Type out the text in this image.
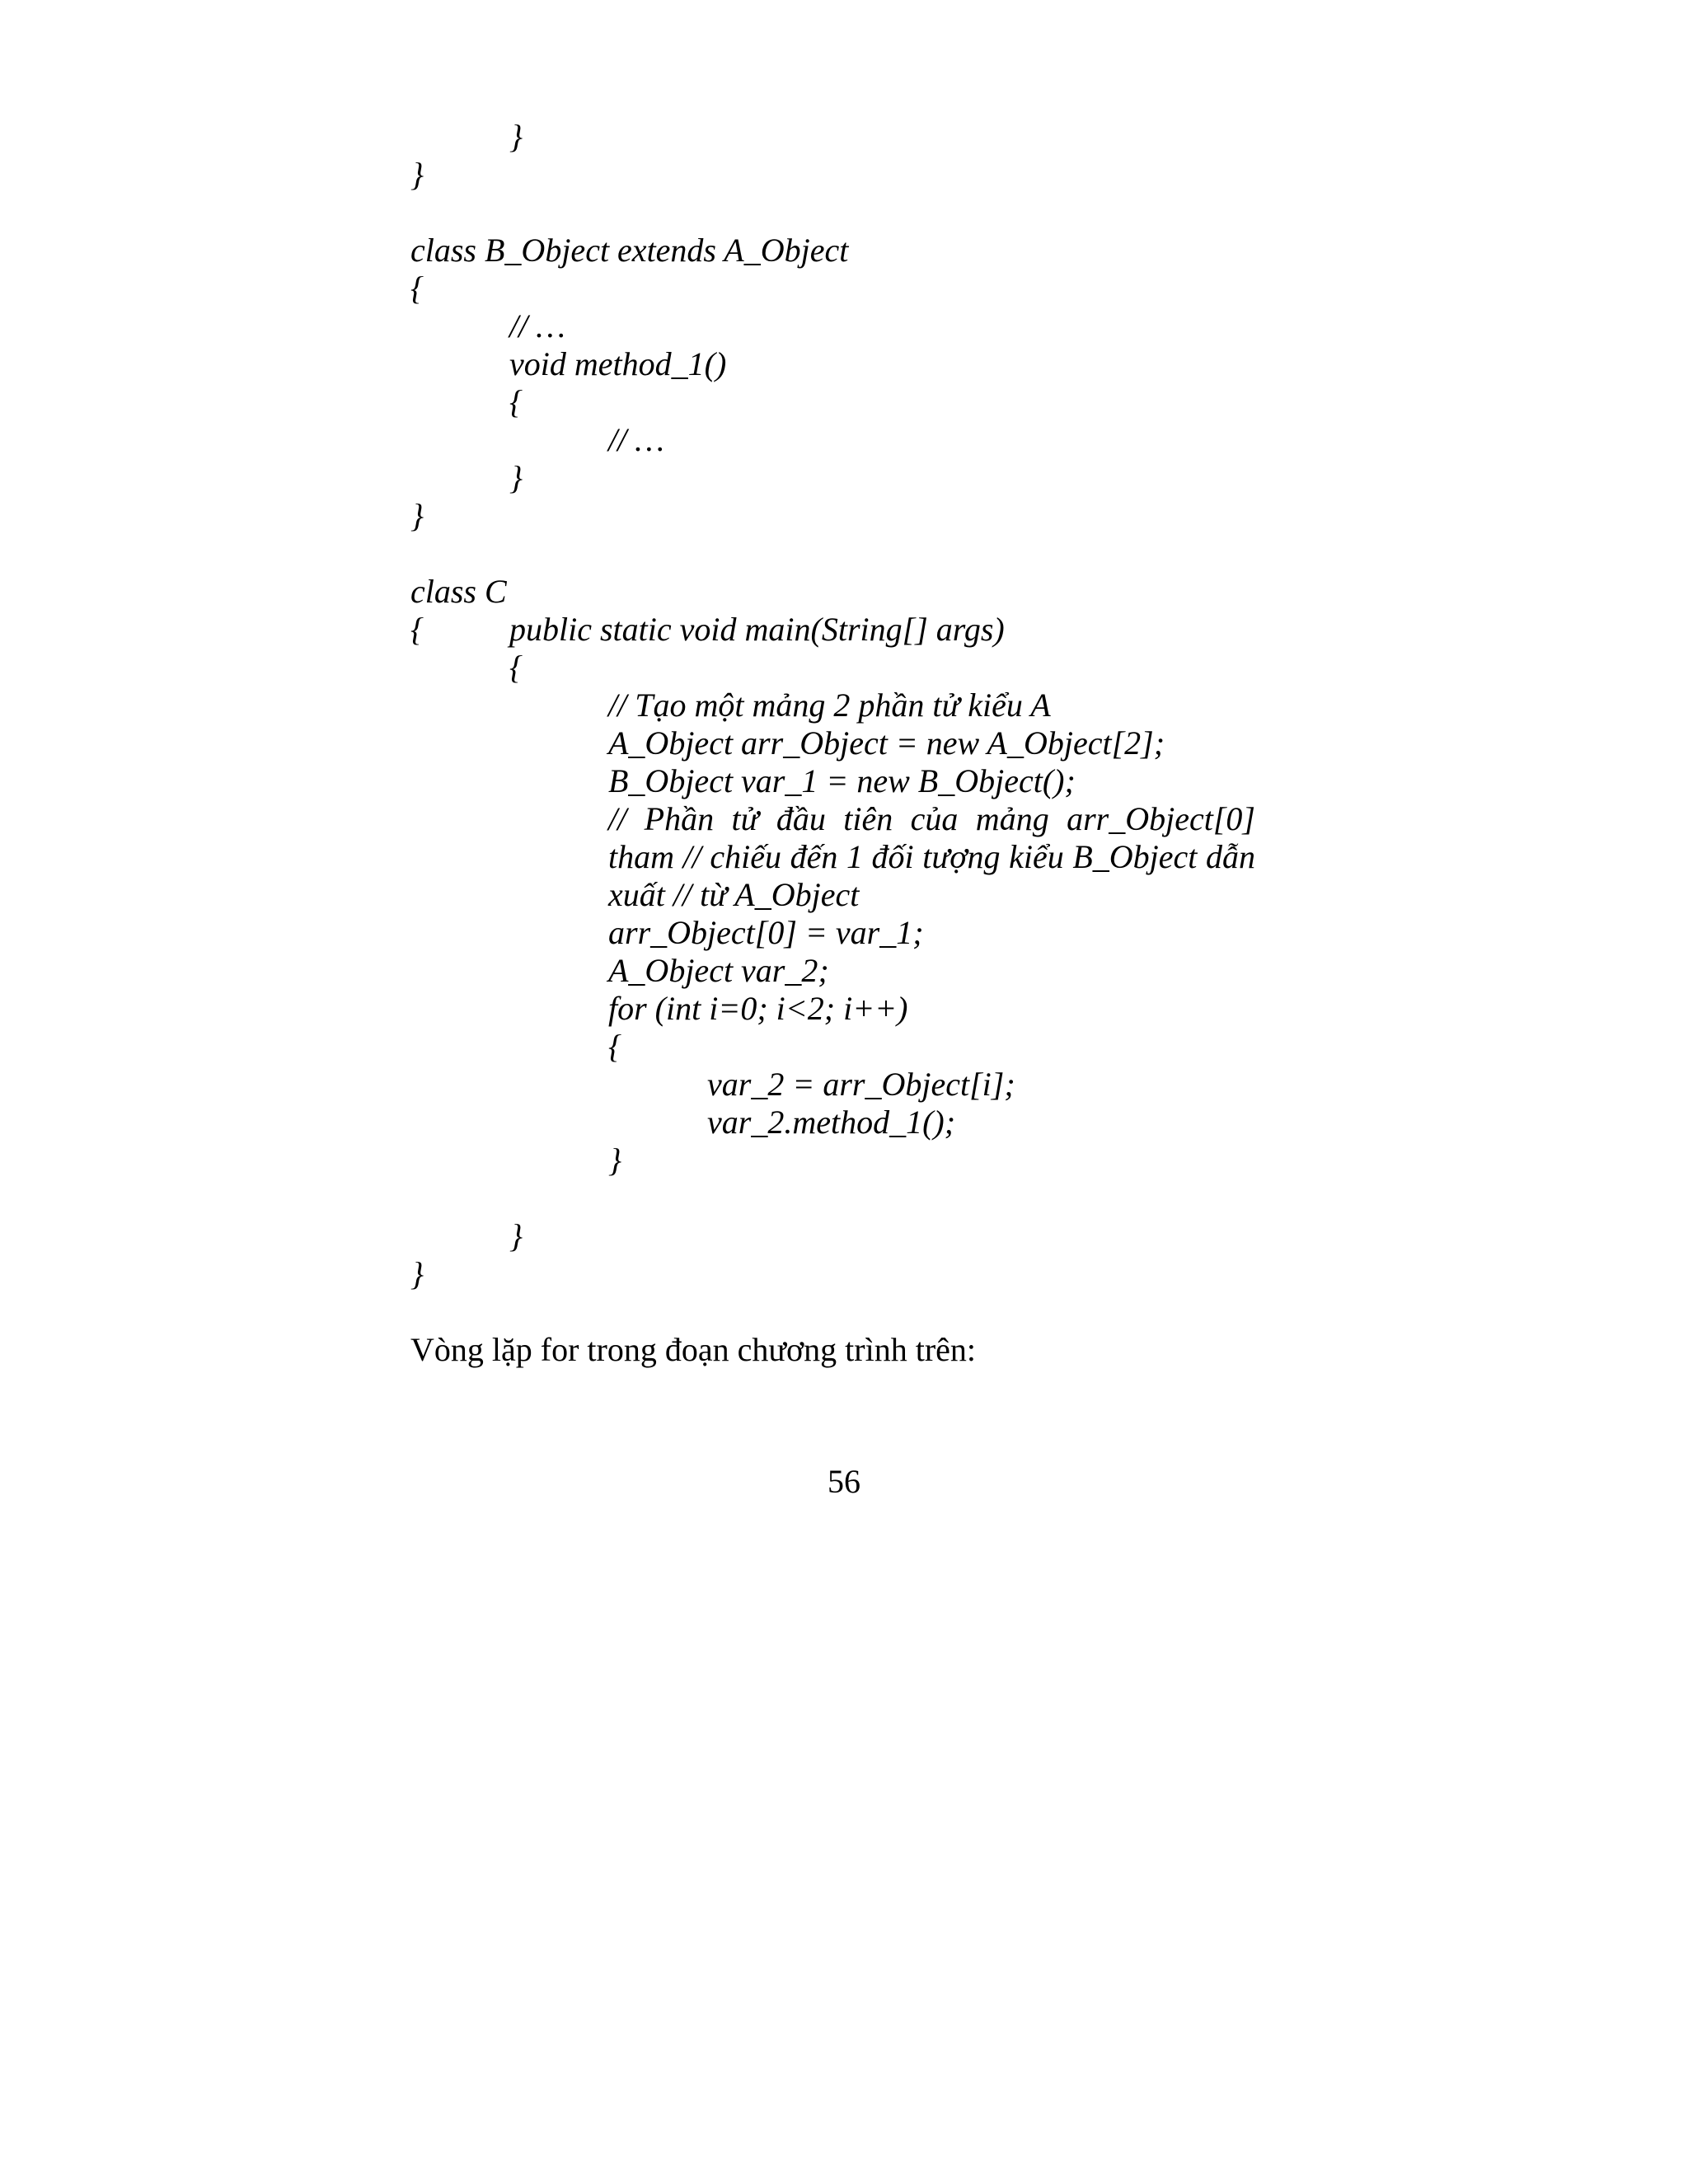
}
}
class B_Object extends A_Object
{
// …
void method_1()
{
// …
}
}
class C
{	public static void main(String[] args)
{
// Tạo một mảng 2 phần tử kiểu A
A_Object arr_Object = new A_Object[2];
B_Object var_1 = new B_Object();
// Phần tử đầu tiên của mảng arr_Object[0]
tham // chiếu đến 1 đối tượng kiểu B_Object dẫn
xuất // từ A_Object
arr_Object[0] = var_1;
A_Object var_2;
for (int i=0; i<2; i++)
{
var_2 = arr_Object[i];
var_2.method_1();
}
}
}
Vòng lặp for trong đoạn chương trình trên:
56
